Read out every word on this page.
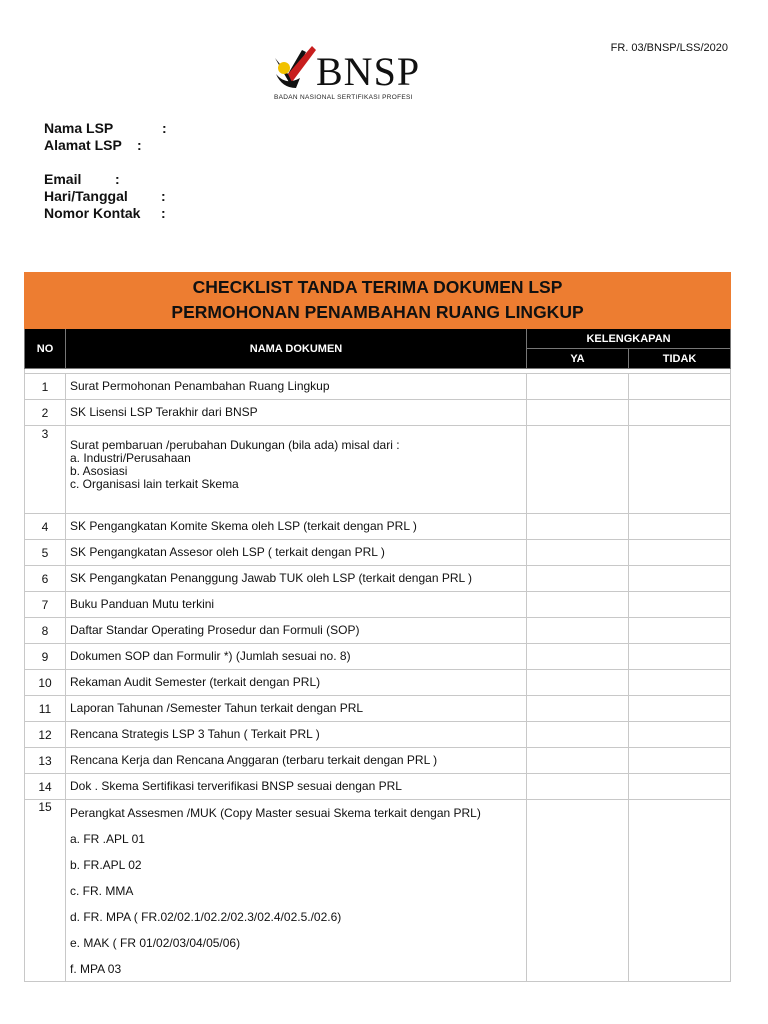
FR. 03/BNSP/LSS/2020
BNSP
BADAN NASIONAL SERTIFIKASI PROFESI
Nama LSP	:
Alamat LSP	:
Email	:
Hari/Tanggal	:
Nomor Kontak	:
CHECKLIST TANDA TERIMA DOKUMEN LSP
PERMOHONAN PENAMBAHAN RUANG LINGKUP			

NO	NAMA DOKUMEN	KELENGKAPAN	
		YA	TIDAK

1	Surat Permohonan Penambahan Ruang Lingkup		

2	SK Lisensi LSP Terakhir dari BNSP		

3	Surat pembaruan /perubahan Dukungan (bila ada) misal dari :
a. Industri/Perusahaan
b. Asosiasi
c. Organisasi lain terkait Skema		

4	SK Pengangkatan Komite Skema oleh LSP (terkait dengan PRL )		

5	SK Pengangkatan Assesor oleh LSP ( terkait dengan PRL )		

6	SK Pengangkatan Penanggung Jawab TUK oleh LSP (terkait dengan PRL )		

7	Buku Panduan Mutu terkini		

8	Daftar Standar Operating Prosedur dan Formuli (SOP)		

9	Dokumen SOP dan Formulir *) (Jumlah sesuai no. 8)		

10	Rekaman Audit Semester (terkait dengan PRL)		

11	Laporan Tahunan /Semester Tahun terkait dengan PRL		

12	Rencana Strategis LSP 3 Tahun ( Terkait PRL )		

13	Rencana Kerja dan Rencana Anggaran (terbaru terkait dengan PRL )		

14	Dok . Skema Sertifikasi terverifikasi BNSP sesuai dengan PRL		

15	Perangkat Assesmen /MUK (Copy Master sesuai Skema terkait dengan PRL)		
	a. FR .APL 01		
	b. FR.APL 02		
	c. FR. MMA		
	d. FR. MPA ( FR.02/02.1/02.2/02.3/02.4/02.5./02.6)		
	e. MAK ( FR 01/02/03/04/05/06)		
	f. MPA 03		
